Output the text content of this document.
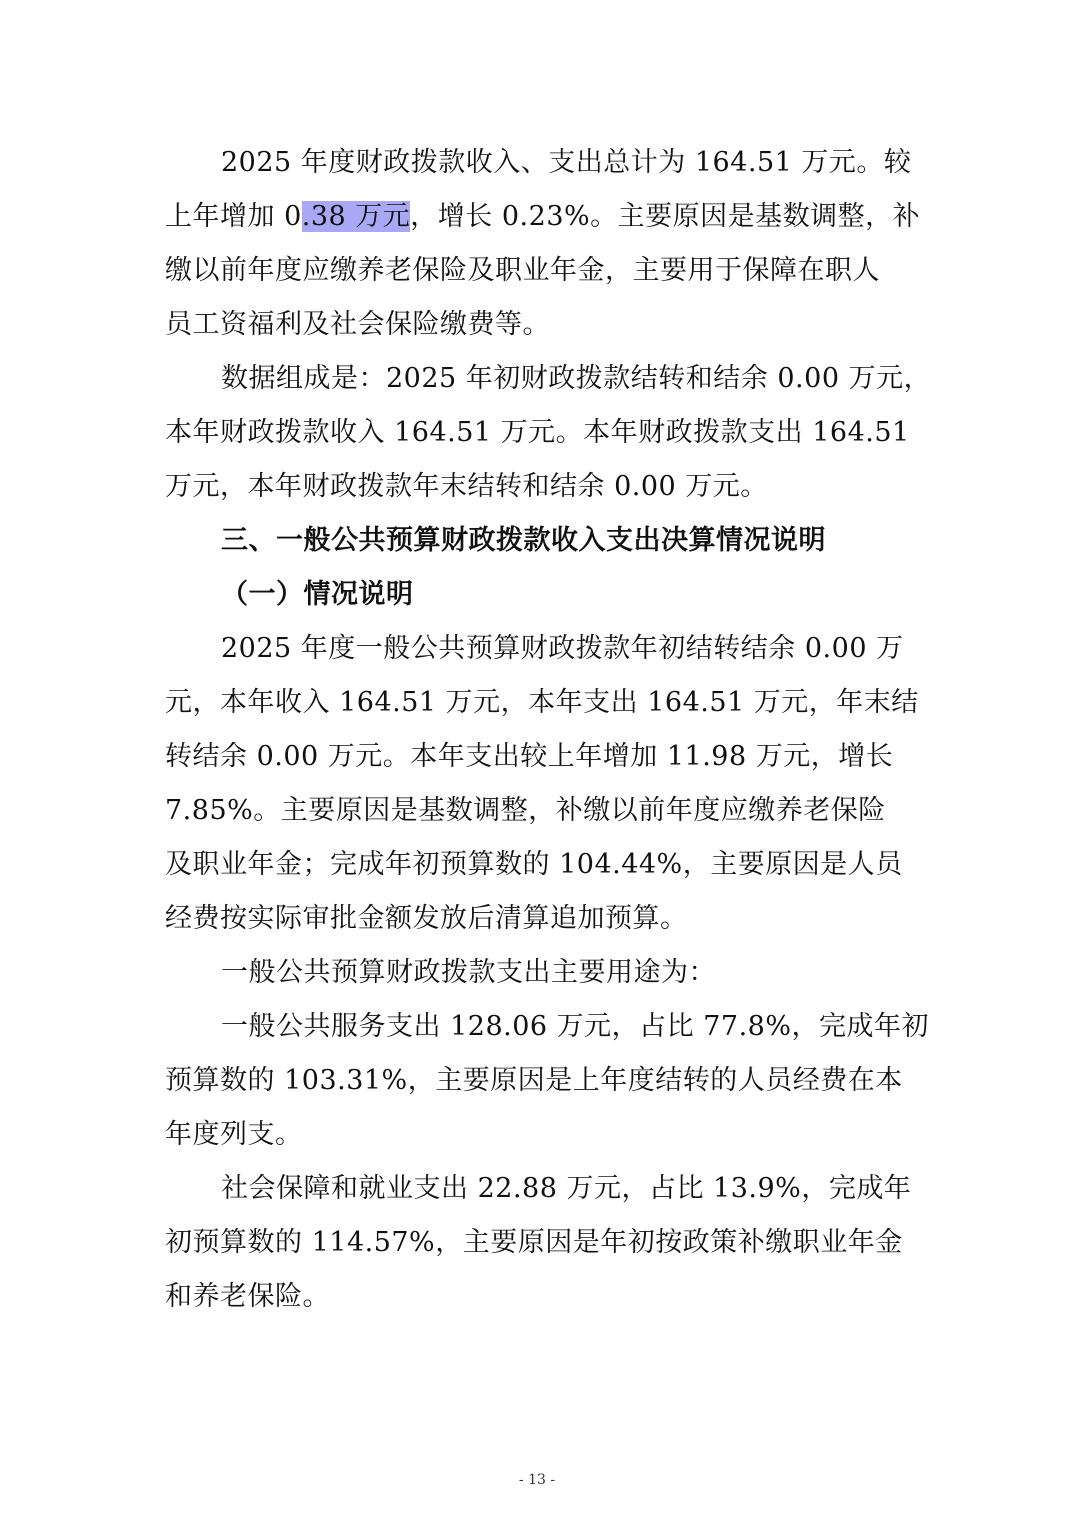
2025 年度财政拨款收入、支出总计为 164.51 万元。较
上年增加 0.38 万元，增长 0.23%。主要原因是基数调整，补
缴以前年度应缴养老保险及职业年金，主要用于保障在职人
员工资福利及社会保险缴费等。

数据组成是：2025 年初财政拨款结转和结余 0.00 万元，
本年财政拨款收入 164.51 万元。本年财政拨款支出 164.51
万元，本年财政拨款年末结转和结余 0.00 万元。

三、一般公共预算财政拨款收入支出决算情况说明

（一）情况说明

2025 年度一般公共预算财政拨款年初结转结余 0.00 万
元，本年收入 164.51 万元，本年支出 164.51 万元，年末结
转结余 0.00 万元。本年支出较上年增加 11.98 万元，增长
7.85%。主要原因是基数调整，补缴以前年度应缴养老保险
及职业年金；完成年初预算数的 104.44%，主要原因是人员
经费按实际审批金额发放后清算追加预算。

一般公共预算财政拨款支出主要用途为：

一般公共服务支出 128.06 万元，占比 77.8%，完成年初
预算数的 103.31%，主要原因是上年度结转的人员经费在本
年度列支。

社会保障和就业支出 22.88 万元，占比 13.9%，完成年
初预算数的 114.57%，主要原因是年初按政策补缴职业年金
和养老保险。

- 13 -
